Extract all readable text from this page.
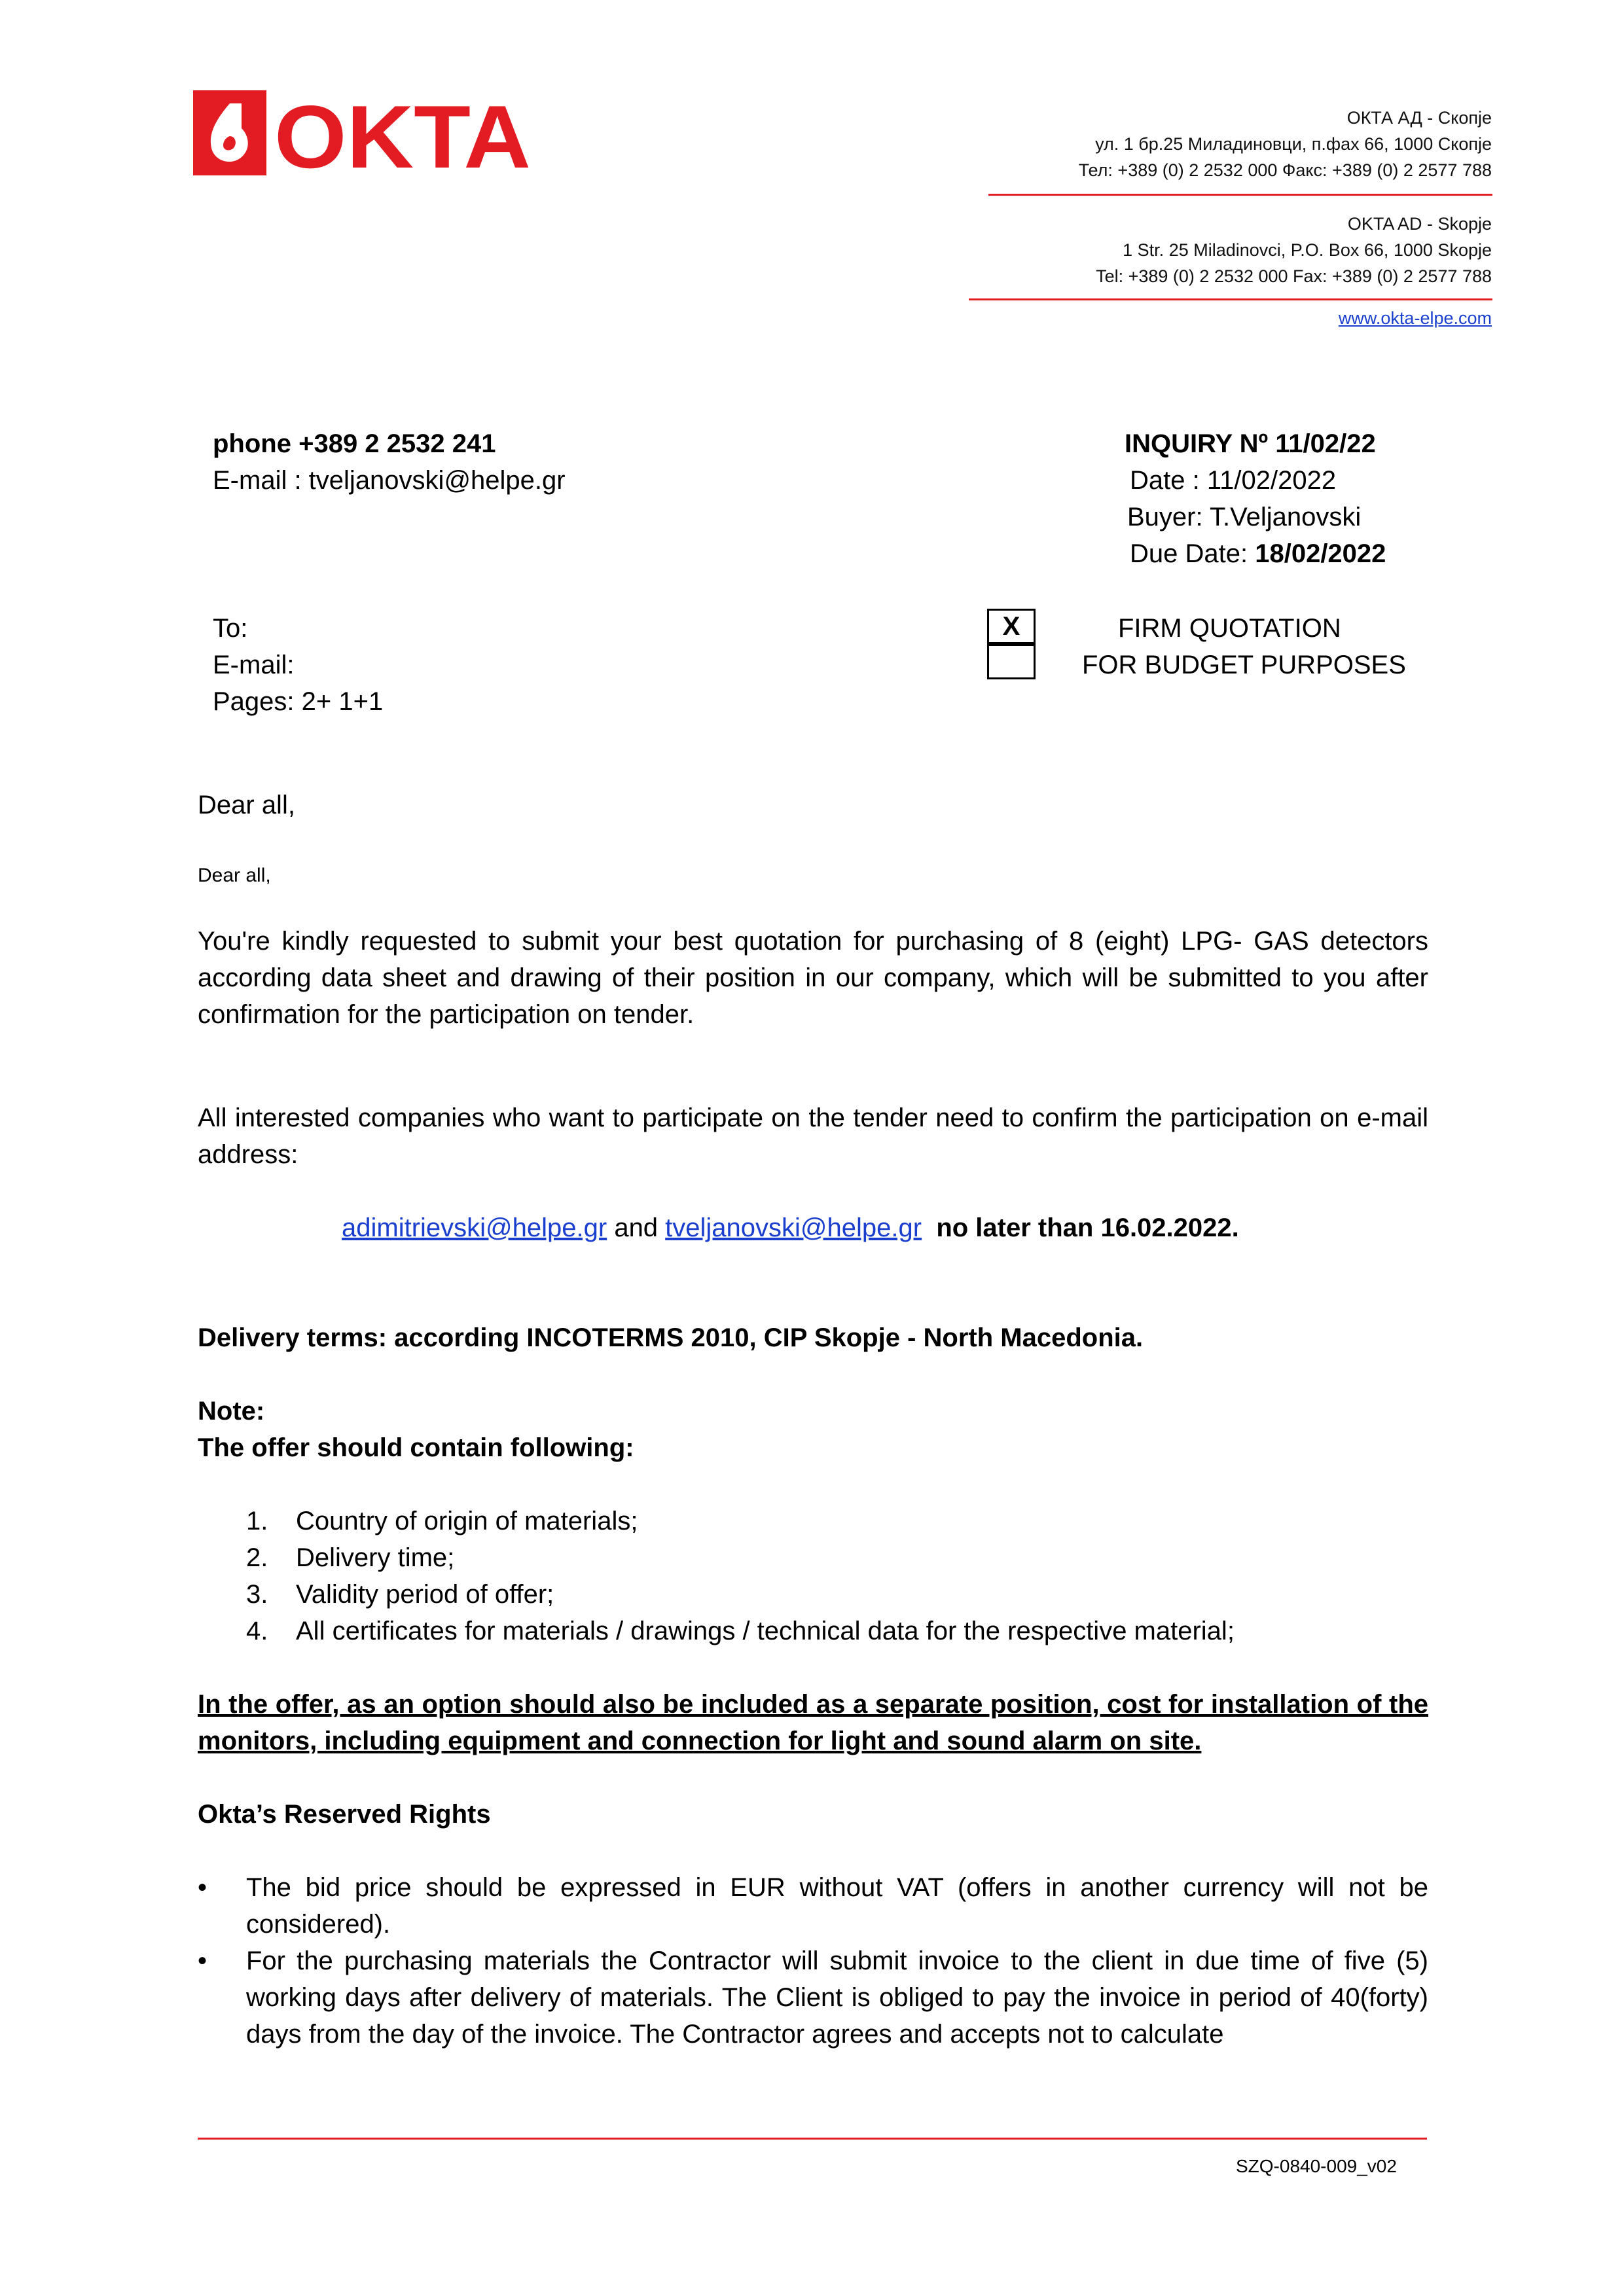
OKTA	ОКТА АД - Скопје
ул. 1 бр.25 Миладиновци, п.фах 66, 1000 Скопје
Тел: +389 (0) 2 2532 000 Факс: +389 (0) 2 2577 788
OKTA AD - Skopje
1 Str. 25 Miladinovci, P.O. Box 66, 1000 Skopje
Tel: +389 (0) 2 2532 000 Fax: +389 (0) 2 2577 788
www.okta-elpe.com
phone +389 2 2532 241
E-mail : tveljanovski@helpe.gr
INQUIRY Nº 11/02/22
Date : 11/02/2022
Buyer: T.Veljanovski
Due Date: 18/02/2022
To:
E-mail:
Pages: 2+ 1+1
X	FIRM QUOTATION
FOR BUDGET PURPOSES
Dear all,
Dear all,
You're kindly requested to submit your best quotation for purchasing of 8 (eight) LPG- GAS detectors according data sheet and drawing of their position in our company, which will be submitted to you after confirmation for the participation on tender.
All interested companies who want to participate on the tender need to confirm the participation on e-mail address:
adimitrievski@helpe.gr and tveljanovski@helpe.gr  no later than 16.02.2022.
Delivery terms: according INCOTERMS 2010, CIP Skopje - North Macedonia.
Note:
The offer should contain following:
1. Country of origin of materials;
2. Delivery time;
3. Validity period of offer;
4. All certificates for materials / drawings / technical data for the respective material;
In the offer, as an option should also be included as a separate position, cost for installation of the monitors, including equipment and connection for light and sound alarm on site.
Okta’s Reserved Rights
•	The bid price should be expressed in EUR without VAT (offers in another currency will not be considered).
•	For the purchasing materials the Contractor will submit invoice to the client in due time of five (5) working days after delivery of materials. The Client is obliged to pay the invoice in period of 40(forty) days from the day of the invoice. The Contractor agrees and accepts not to calculate
SZQ-0840-009_v02
